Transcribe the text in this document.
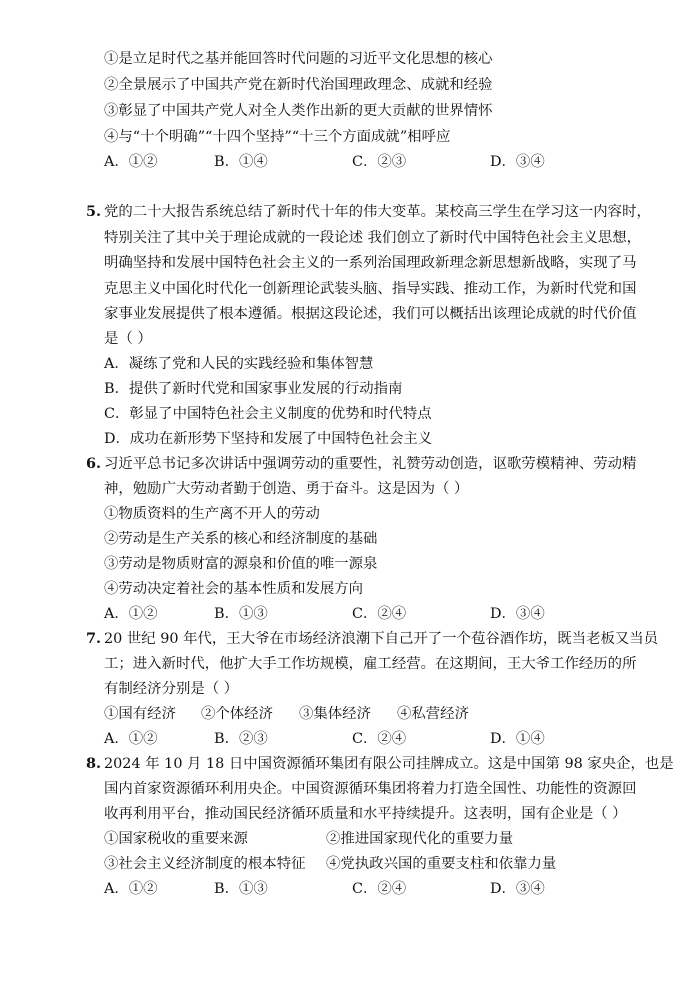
①是立足时代之基并能回答时代问题的习近平文化思想的核心
②全景展示了中国共产党在新时代治国理政理念、成就和经验
③彰显了中国共产党人对全人类作出新的更大贡献的世界情怀
④与“十个明确”“十四个坚持”“十三个方面成就”相呼应
A．①②	B．①④	C．②③	D．③④
5. 党的二十大报告系统总结了新时代十年的伟大变革。某校高三学生在学习这一内容时，
特别关注了其中关于理论成就的一段论述 我们创立了新时代中国特色社会主义思想，
明确坚持和发展中国特色社会主义的一系列治国理政新理念新思想新战略，实现了马
克思主义中国化时代化一创新理论武装头脑、指导实践、推动工作，为新时代党和国
家事业发展提供了根本遵循。根据这段论述，我们可以概括出该理论成就的时代价值
是（ ）
A．凝练了党和人民的实践经验和集体智慧
B．提供了新时代党和国家事业发展的行动指南
C．彰显了中国特色社会主义制度的优势和时代特点
D．成功在新形势下坚持和发展了中国特色社会主义
6. 习近平总书记多次讲话中强调劳动的重要性，礼赞劳动创造，讴歌劳模精神、劳动精
神，勉励广大劳动者勤于创造、勇于奋斗。这是因为（ ）
①物质资料的生产离不开人的劳动
②劳动是生产关系的核心和经济制度的基础
③劳动是物质财富的源泉和价值的唯一源泉
④劳动决定着社会的基本性质和发展方向
A．①②	B．①③	C．②④	D．③④
7. 20 世纪 90 年代，王大爷在市场经济浪潮下自己开了一个苞谷酒作坊，既当老板又当员
工；进入新时代，他扩大手工作坊规模，雇工经营。在这期间，王大爷工作经历的所
有制经济分别是（ ）
①国有经济 ②个体经济 ③集体经济 ④私营经济
A．①②	B．②③	C．②④	D．①④
8. 2024 年 10 月 18 日中国资源循环集团有限公司挂牌成立。这是中国第 98 家央企，也是
国内首家资源循环利用央企。中国资源循环集团将着力打造全国性、功能性的资源回
收再利用平台，推动国民经济循环质量和水平持续提升。这表明，国有企业是（ ）
①国家税收的重要来源	②推进国家现代化的重要力量
③社会主义经济制度的根本特征 ④党执政兴国的重要支柱和依靠力量
A．①②	B．①③	C．②④	D．③④
